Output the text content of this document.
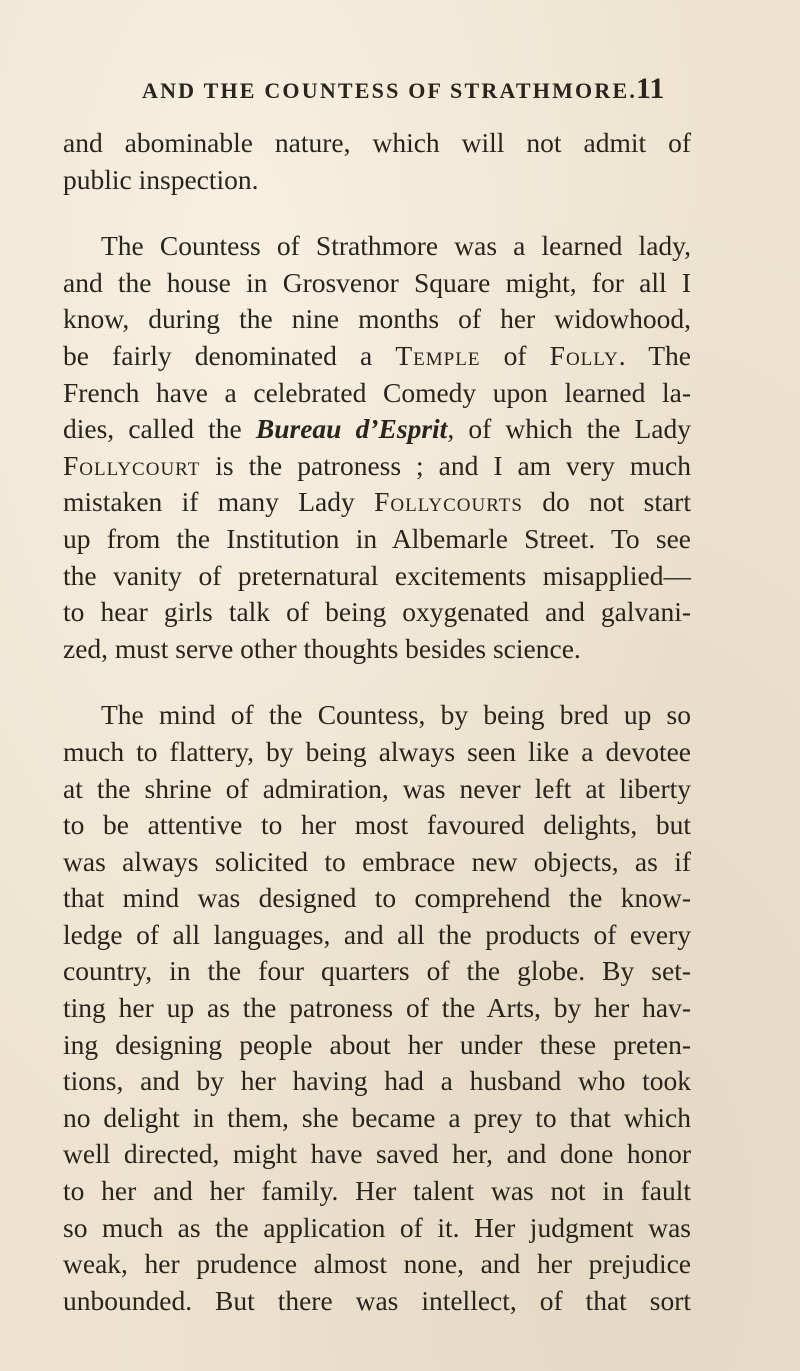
AND THE COUNTESS OF STRATHMORE.
11
and abominable nature, which will not admit of
public inspection.
The Countess of Strathmore was a learned lady,
and the house in Grosvenor Square might, for all I
know, during the nine months of her widowhood,
be fairly denominated a Temple of Folly. The
French have a celebrated Comedy upon learned la-
dies, called the Bureau d’Esprit, of which the Lady
Follycourt is the patroness ; and I am very much
mistaken if many Lady Follycourts do not start
up from the Institution in Albemarle Street. To see
the vanity of preternatural excitements misapplied—
to hear girls talk of being oxygenated and galvani-
zed, must serve other thoughts besides science.
The mind of the Countess, by being bred up so
much to flattery, by being always seen like a devotee
at the shrine of admiration, was never left at liberty
to be attentive to her most favoured delights, but
was always solicited to embrace new objects, as if
that mind was designed to comprehend the know-
ledge of all languages, and all the products of every
country, in the four quarters of the globe. By set-
ting her up as the patroness of the Arts, by her hav-
ing designing people about her under these preten-
tions, and by her having had a husband who took
no delight in them, she became a prey to that which
well directed, might have saved her, and done honor
to her and her family. Her talent was not in fault
so much as the application of it. Her judgment was
weak, her prudence almost none, and her prejudice
unbounded. But there was intellect, of that sort
